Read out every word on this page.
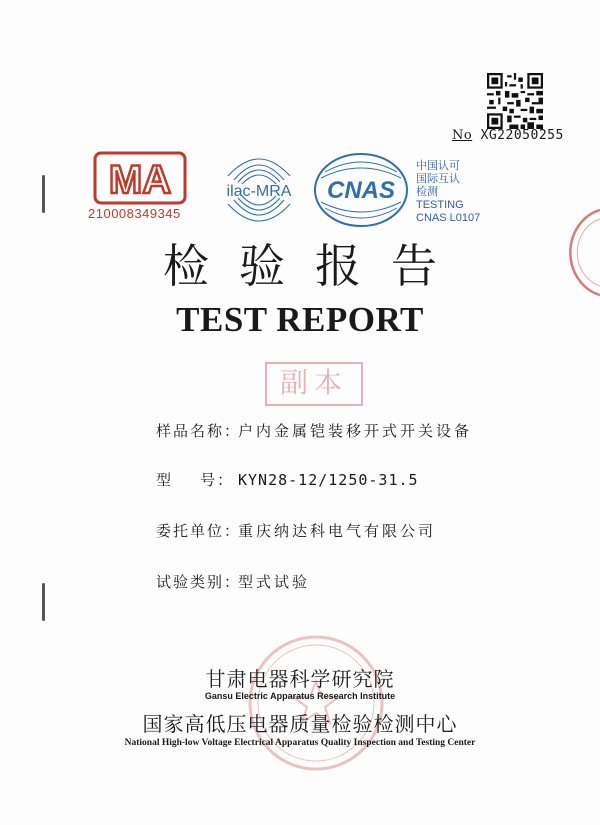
No XG22050255
MA
210008349345
ilac-MRA CNAS
中国认可
国际互认
检测
TESTING
CNAS L0107
检验报告
TEST REPORT
副本
样品名称：户内金属铠装移开式开关设备
型    号： KYN28-12/1250-31.5
委托单位：重庆纳达科电气有限公司
试验类别：型式试验
甘肃电器科学研究院
Gansu Electric Apparatus Research Institute
国家高低压电器质量检验检测中心
National High-low Voltage Electrical Apparatus Quality Inspection and Testing Center
